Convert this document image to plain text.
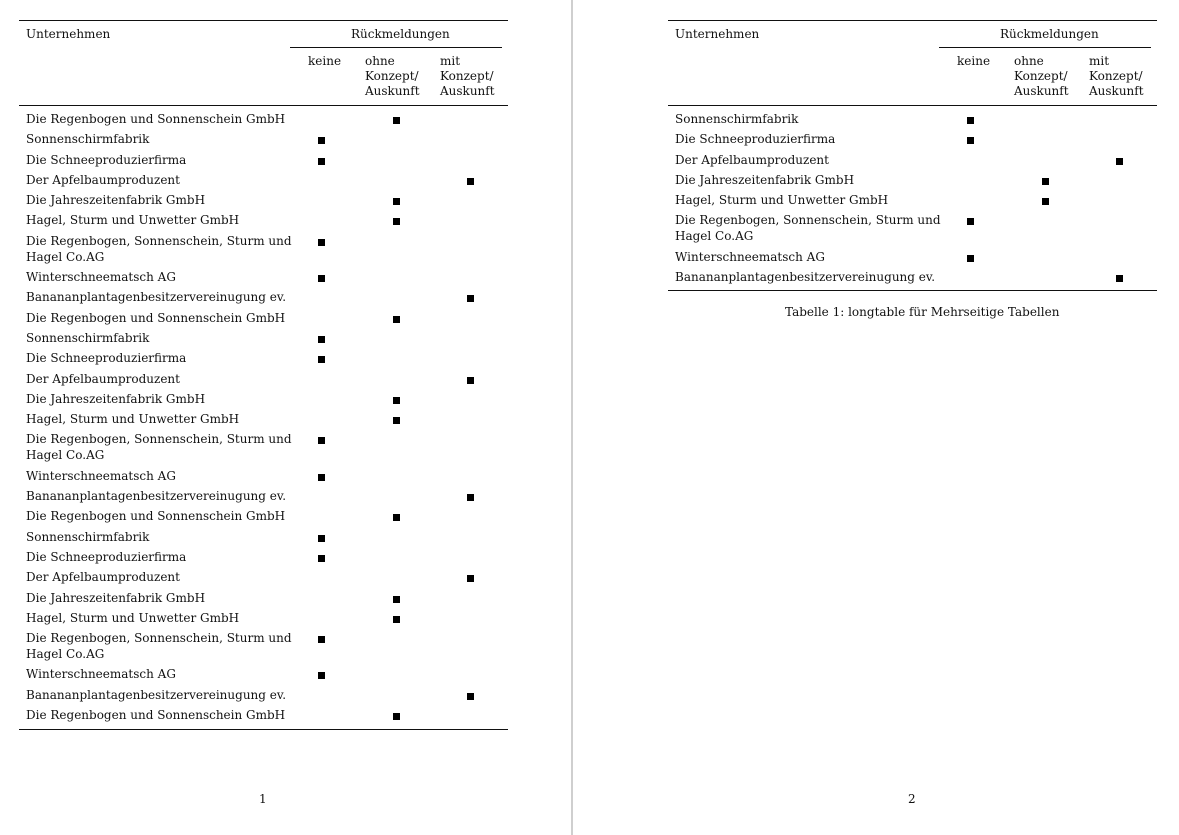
Unternehmen	Rückmeldungen
keine ohne
Konzept/
Auskunft
mit
Konzept/
Auskunft
Die Regenbogen und Sonnenschein GmbH
Sonnenschirmfabrik
Die Schneeproduzierfirma
Der Apfelbaumproduzent
Die Jahreszeitenfabrik GmbH
Hagel, Sturm und Unwetter GmbH
Die Regenbogen, Sonnenschein, Sturm und
Hagel Co.AG
Winterschneematsch AG
Banananplantagenbesitzervereinugung ev.
Die Regenbogen und Sonnenschein GmbH
Sonnenschirmfabrik
Die Schneeproduzierfirma
Der Apfelbaumproduzent
Die Jahreszeitenfabrik GmbH
Hagel, Sturm und Unwetter GmbH
Die Regenbogen, Sonnenschein, Sturm und
Hagel Co.AG
Winterschneematsch AG
Banananplantagenbesitzervereinugung ev.
Die Regenbogen und Sonnenschein GmbH
Sonnenschirmfabrik
Die Schneeproduzierfirma
Der Apfelbaumproduzent
Die Jahreszeitenfabrik GmbH
Hagel, Sturm und Unwetter GmbH
Die Regenbogen, Sonnenschein, Sturm und
Hagel Co.AG
Winterschneematsch AG
Banananplantagenbesitzervereinugung ev.
Die Regenbogen und Sonnenschein GmbH
1
Unternehmen	Rückmeldungen
keine ohne
Konzept/
Auskunft
mit
Konzept/
Auskunft
Sonnenschirmfabrik
Die Schneeproduzierfirma
Der Apfelbaumproduzent
Die Jahreszeitenfabrik GmbH
Hagel, Sturm und Unwetter GmbH
Die Regenbogen, Sonnenschein, Sturm und
Hagel Co.AG
Winterschneematsch AG
Banananplantagenbesitzervereinugung ev.
Tabelle 1: longtable für Mehrseitige Tabellen
2
